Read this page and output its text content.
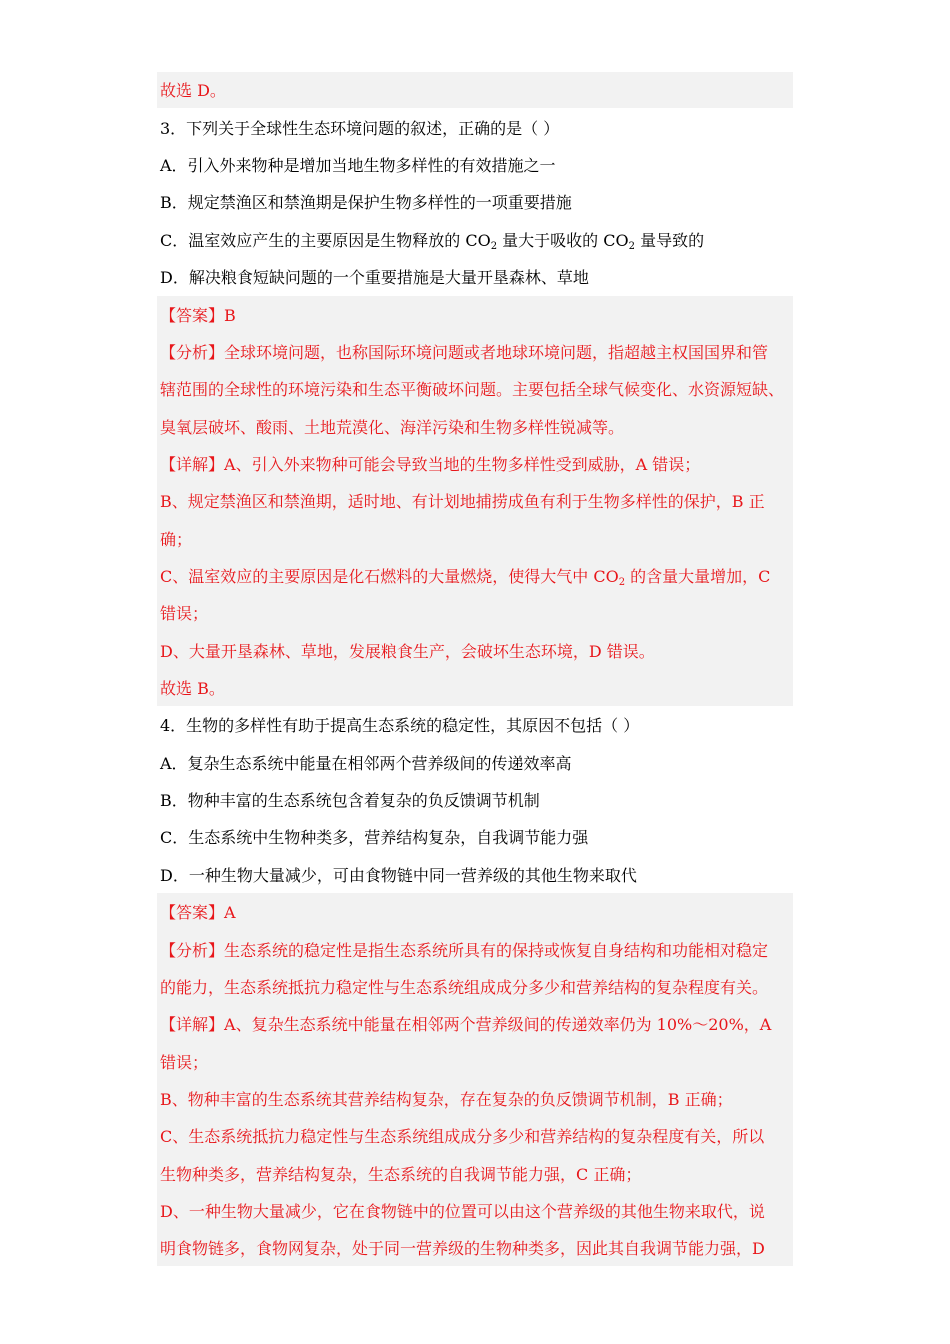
故选 D。
3．下列关于全球性生态环境问题的叙述，正确的是（ ）
A．引入外来物种是增加当地生物多样性的有效措施之一
B．规定禁渔区和禁渔期是保护生物多样性的一项重要措施
C．温室效应产生的主要原因是生物释放的 $CO_2$ 量大于吸收的 $CO_2$ 量导致的
D．解决粮食短缺问题的一个重要措施是大量开垦森林、草地
【答案】B
【分析】全球环境问题，也称国际环境问题或者地球环境问题，指超越主权国国界和管
辖范围的全球性的环境污染和生态平衡破坏问题。主要包括全球气候变化、水资源短缺、
臭氧层破坏、酸雨、土地荒漠化、海洋污染和生物多样性锐减等。
【详解】A、引入外来物种可能会导致当地的生物多样性受到威胁，A 错误；
B、规定禁渔区和禁渔期，适时地、有计划地捕捞成鱼有利于生物多样性的保护，B 正
确；
C、温室效应的主要原因是化石燃料的大量燃烧，使得大气中 $CO_2$ 的含量大量增加，C
错误；
D、大量开垦森林、草地，发展粮食生产，会破坏生态环境，D 错误。
故选 B。
4．生物的多样性有助于提高生态系统的稳定性，其原因不包括（ ）
A．复杂生态系统中能量在相邻两个营养级间的传递效率高
B．物种丰富的生态系统包含着复杂的负反馈调节机制
C．生态系统中生物种类多，营养结构复杂，自我调节能力强
D．一种生物大量减少，可由食物链中同一营养级的其他生物来取代
【答案】A
【分析】生态系统的稳定性是指生态系统所具有的保持或恢复自身结构和功能相对稳定
的能力，生态系统抵抗力稳定性与生态系统组成成分多少和营养结构的复杂程度有关。
【详解】A、复杂生态系统中能量在相邻两个营养级间的传递效率仍为 10%～20%，A
错误；
B、物种丰富的生态系统其营养结构复杂，存在复杂的负反馈调节机制，B 正确；
C、生态系统抵抗力稳定性与生态系统组成成分多少和营养结构的复杂程度有关，所以
生物种类多，营养结构复杂，生态系统的自我调节能力强，C 正确；
D、一种生物大量减少，它在食物链中的位置可以由这个营养级的其他生物来取代，说
明食物链多，食物网复杂，处于同一营养级的生物种类多，因此其自我调节能力强，D
